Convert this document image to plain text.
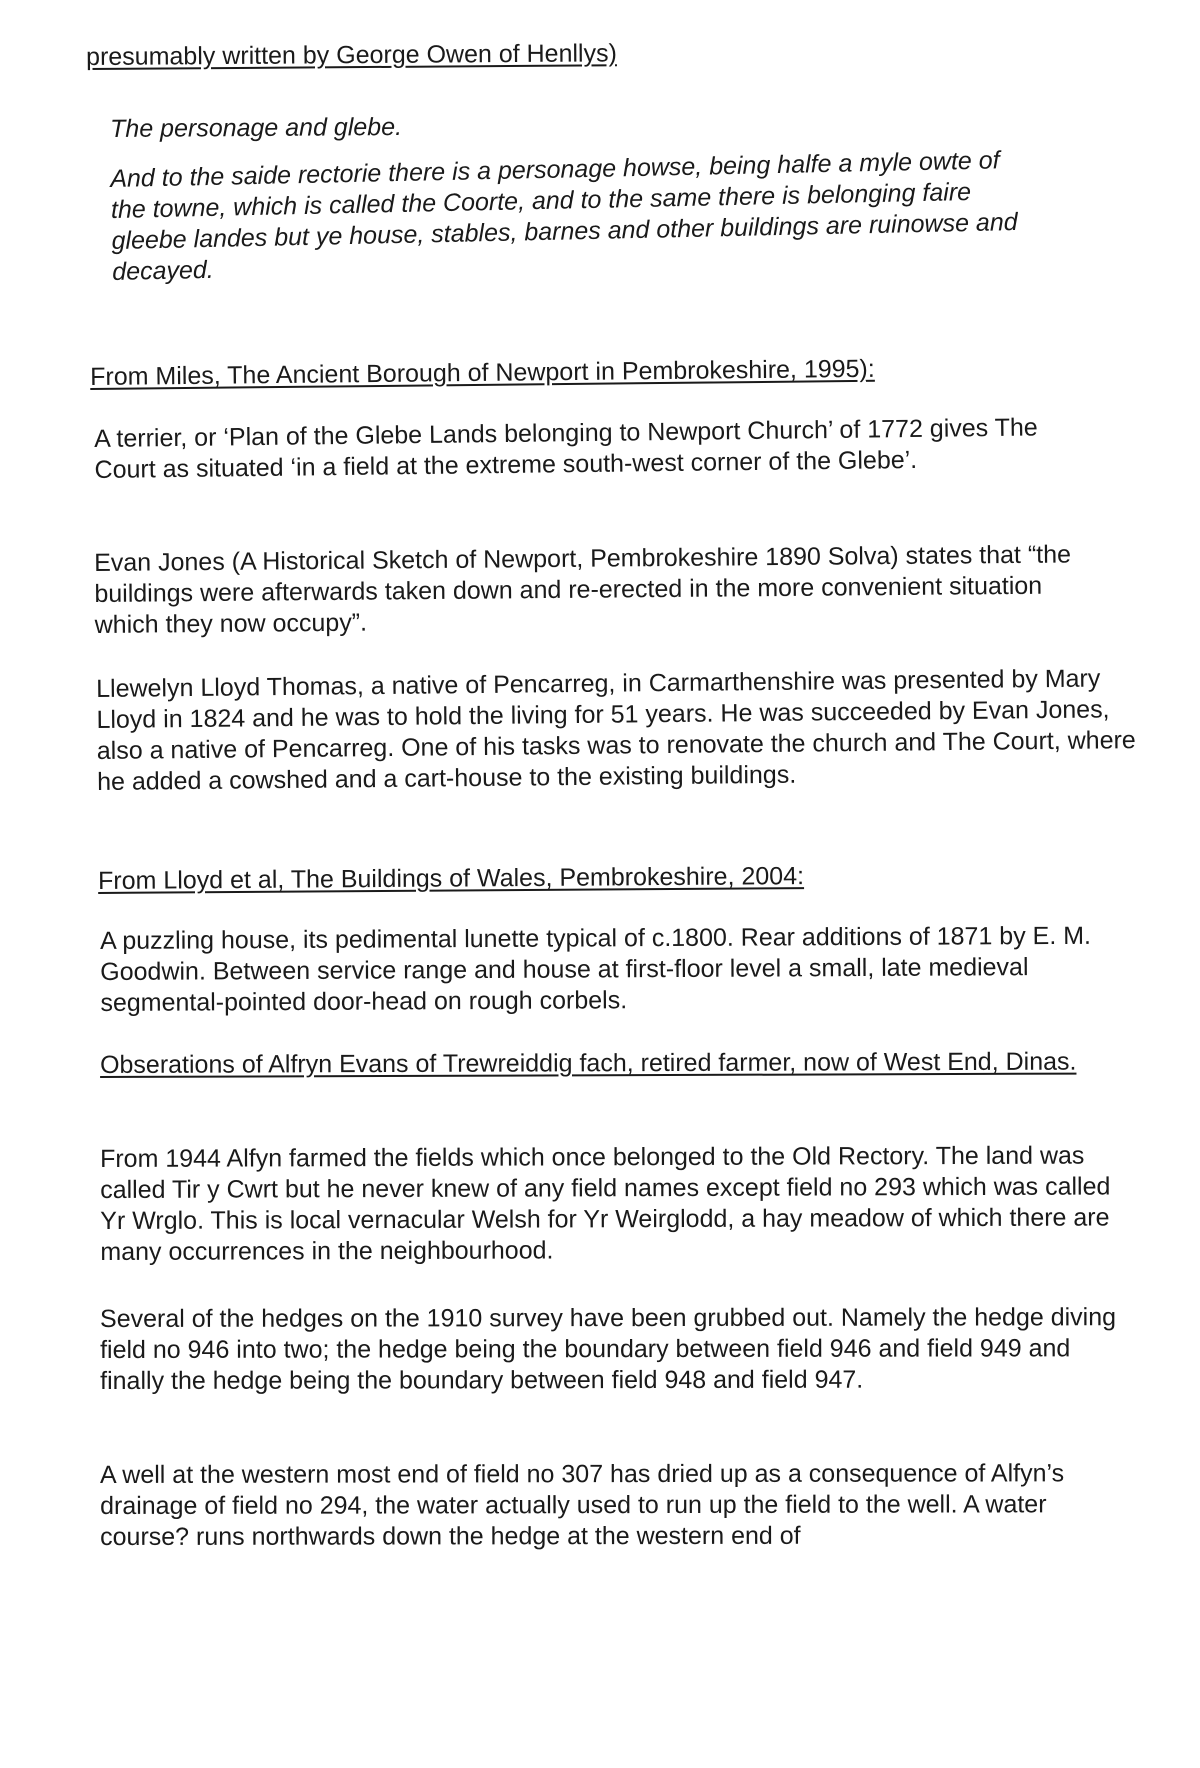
presumably written by George Owen of Henllys)
The personage and glebe.
And to the saide rectorie there is a personage howse, being halfe a myle owte of the towne, which is called the Coorte, and to the same there is belonging faire gleebe landes but ye house, stables, barnes and other buildings are ruinowse and decayed.
From Miles, The Ancient Borough of Newport in Pembrokeshire, 1995):
A terrier, or ‘Plan of the Glebe Lands belonging to Newport Church’ of 1772 gives The Court as situated ‘in a field at the extreme south-west corner of the Glebe’.
Evan Jones (A Historical Sketch of Newport, Pembrokeshire 1890 Solva) states that “the buildings were afterwards taken down and re-erected in the more convenient situation which they now occupy”.
Llewelyn Lloyd Thomas, a native of Pencarreg, in Carmarthenshire was presented by Mary Lloyd in 1824 and he was to hold the living for 51 years. He was succeeded by Evan Jones, also a native of Pencarreg. One of his tasks was to renovate the church and The Court, where he added a cowshed and a cart-house to the existing buildings.
From Lloyd et al, The Buildings of Wales, Pembrokeshire, 2004:
A puzzling house, its pedimental lunette typical of c.1800. Rear additions of 1871 by E. M. Goodwin. Between service range and house at first-floor level a small, late medieval segmental-pointed door-head on rough corbels.
Obserations of Alfryn Evans of Trewreiddig fach, retired farmer, now of West End, Dinas.
From 1944 Alfyn farmed the fields which once belonged to the Old Rectory. The land was called Tir y Cwrt but he never knew of any field names except field no 293 which was called Yr Wrglo. This is local vernacular Welsh for Yr Weirglodd, a hay meadow of which there are many occurrences in the neighbourhood.
Several of the hedges on the 1910 survey have been grubbed out. Namely the hedge diving field no 946 into two; the hedge being the boundary between field 946 and field 949 and finally the hedge being the boundary between field 948 and field 947.
A well at the western most end of field no 307 has dried up as a consequence of Alfyn’s drainage of field no 294, the water actually used to run up the field to the well. A water course? runs northwards down the hedge at the western end of
